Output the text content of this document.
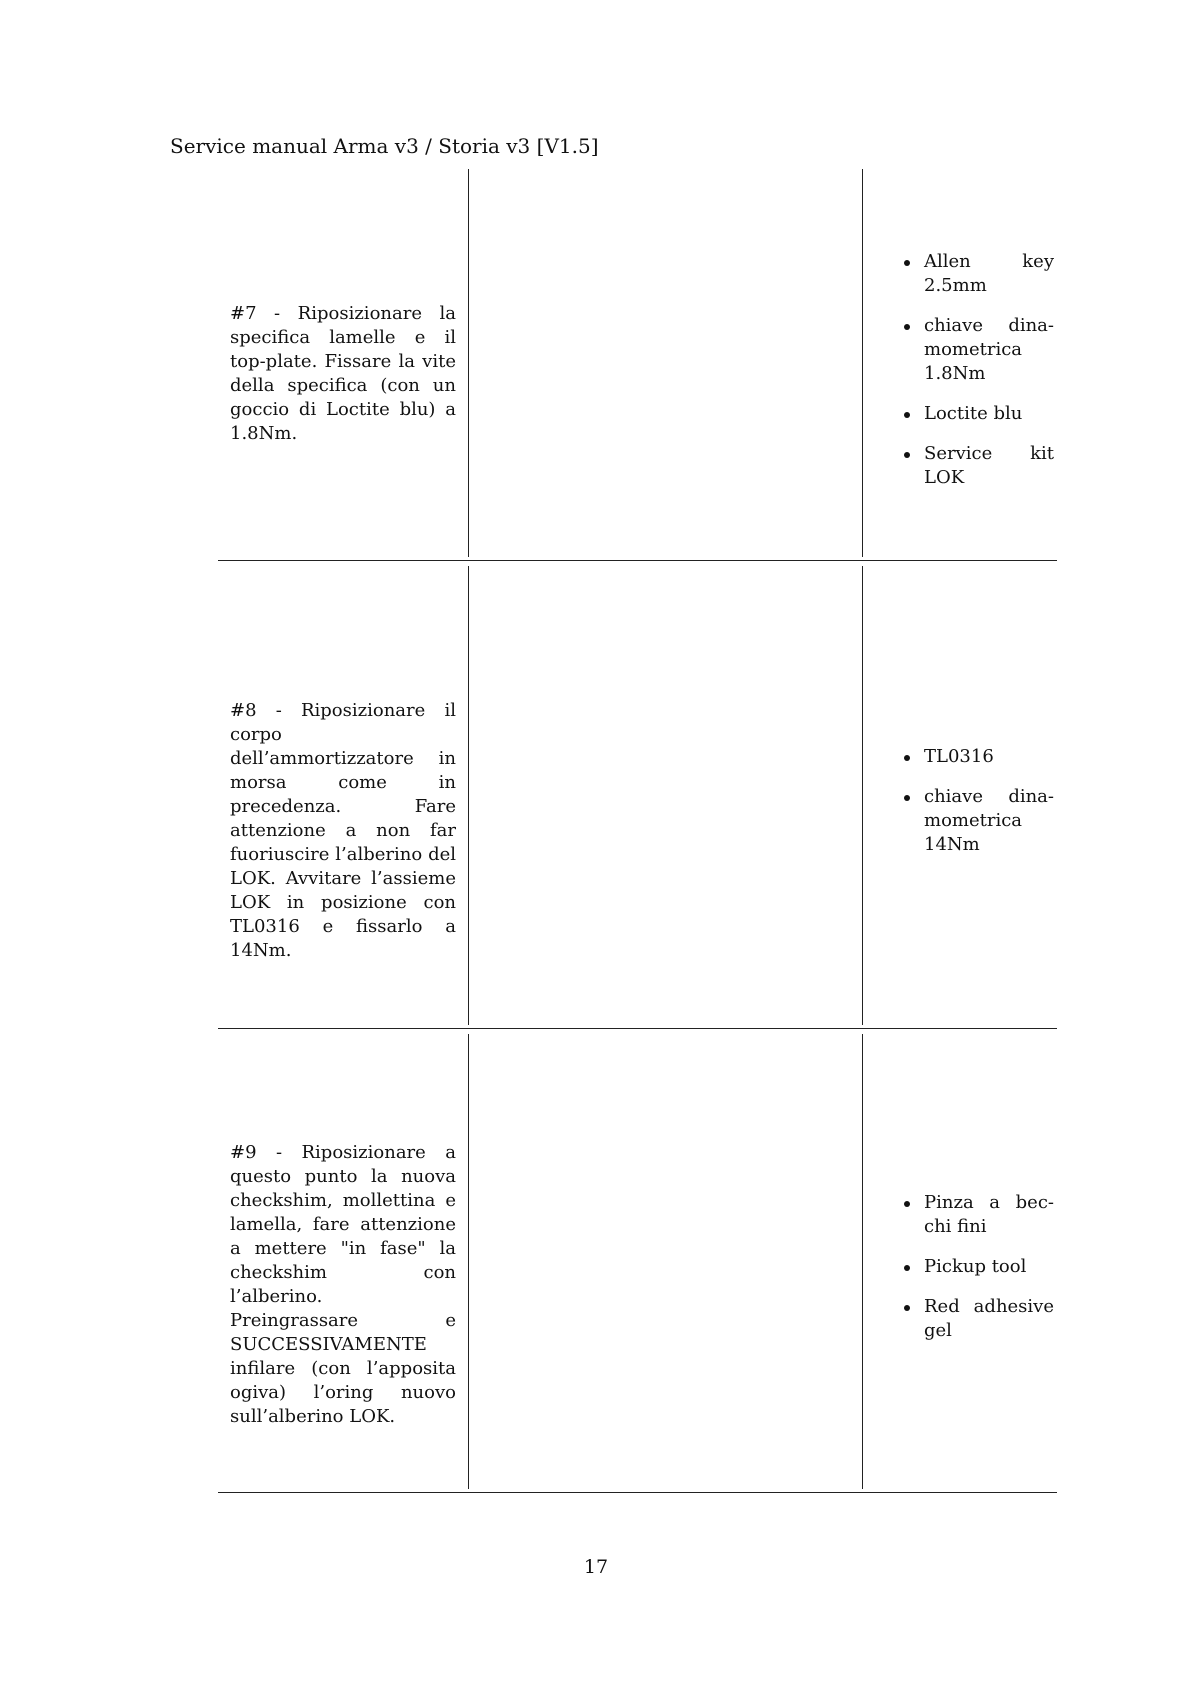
Service manual Arma v3 / Storia v3 [V1.5]
#7 - Riposizionare la specifica lamelle e il top-plate. Fissare la vite della specifica (con un goccio di Loctite blu) a 1.8Nm.
Allen key 2.5mm
chiave dina-mometrica 1.8Nm
Loctite blu
Service kit LOK
#8 - Riposizionare il corpo dell’ammortizzatore in morsa come in precedenza. Fare attenzione a non far fuoriuscire l’alberino del LOK. Avvitare l’assieme LOK in posizione con TL0316 e fissarlo a 14Nm.
TL0316
chiave dina-mometrica 14Nm
#9 - Riposizionare a questo punto la nuova checkshim, mollettina e lamella, fare attenzione a mettere "in fase" la checkshim con l’alberino. Preingrassare e SUCCESSIVAMENTE infilare (con l’apposita ogiva) l’oring nuovo sull’alberino LOK.
Pinza a bec-chi fini
Pickup tool
Red adhesive gel
17
